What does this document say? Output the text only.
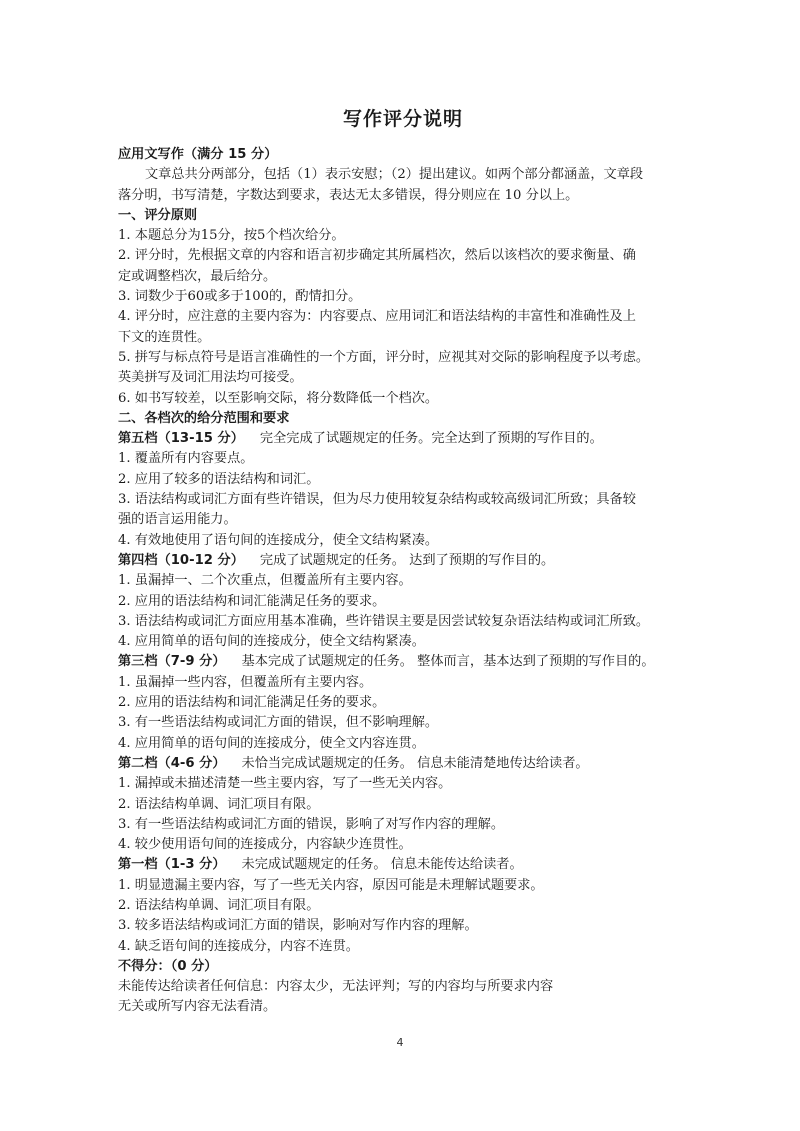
写作评分说明

应用文写作（满分 15 分）

文章总共分两部分，包括（1）表示安慰；（2）提出建议。如两个部分都涵盖，文章段

落分明，书写清楚，字数达到要求，表达无太多错误，得分则应在 10 分以上。

一、评分原则

1. 本题总分为15分，按5个档次给分。

2. 评分时，先根据文章的内容和语言初步确定其所属档次，然后以该档次的要求衡量、确

定或调整档次，最后给分。

3. 词数少于60或多于100的，酌情扣分。

4. 评分时，应注意的主要内容为：内容要点、应用词汇和语法结构的丰富性和准确性及上

下文的连贯性。

5. 拼写与标点符号是语言准确性的一个方面，评分时，应视其对交际的影响程度予以考虑。

英美拼写及词汇用法均可接受。

6. 如书写较差，以至影响交际，将分数降低一个档次。

二、各档次的给分范围和要求

第五档（13-15 分） 完全完成了试题规定的任务。完全达到了预期的写作目的。

1. 覆盖所有内容要点。

2. 应用了较多的语法结构和词汇。

3. 语法结构或词汇方面有些许错误，但为尽力使用较复杂结构或较高级词汇所致；具备较

强的语言运用能力。

4. 有效地使用了语句间的连接成分，使全文结构紧凑。

第四档（10-12 分） 完成了试题规定的任务。 达到了预期的写作目的。

1. 虽漏掉一、二个次重点，但覆盖所有主要内容。

2. 应用的语法结构和词汇能满足任务的要求。

3. 语法结构或词汇方面应用基本准确，些许错误主要是因尝试较复杂语法结构或词汇所致。

4. 应用简单的语句间的连接成分，使全文结构紧凑。

第三档（7-9 分） 基本完成了试题规定的任务。 整体而言，基本达到了预期的写作目的。

1. 虽漏掉一些内容，但覆盖所有主要内容。

2. 应用的语法结构和词汇能满足任务的要求。

3. 有一些语法结构或词汇方面的错误，但不影响理解。

4. 应用简单的语句间的连接成分，使全文内容连贯。

第二档（4-6 分） 未恰当完成试题规定的任务。 信息未能清楚地传达给读者。

1. 漏掉或未描述清楚一些主要内容，写了一些无关内容。

2. 语法结构单调、词汇项目有限。

3. 有一些语法结构或词汇方面的错误，影响了对写作内容的理解。

4. 较少使用语句间的连接成分，内容缺少连贯性。

第一档（1-3 分） 未完成试题规定的任务。 信息未能传达给读者。

1. 明显遗漏主要内容，写了一些无关内容，原因可能是未理解试题要求。

2. 语法结构单调、词汇项目有限。

3. 较多语法结构或词汇方面的错误，影响对写作内容的理解。

4. 缺乏语句间的连接成分，内容不连贯。

不得分：（0 分）

未能传达给读者任何信息：内容太少，无法评判；写的内容均与所要求内容

无关或所写内容无法看清。

4
